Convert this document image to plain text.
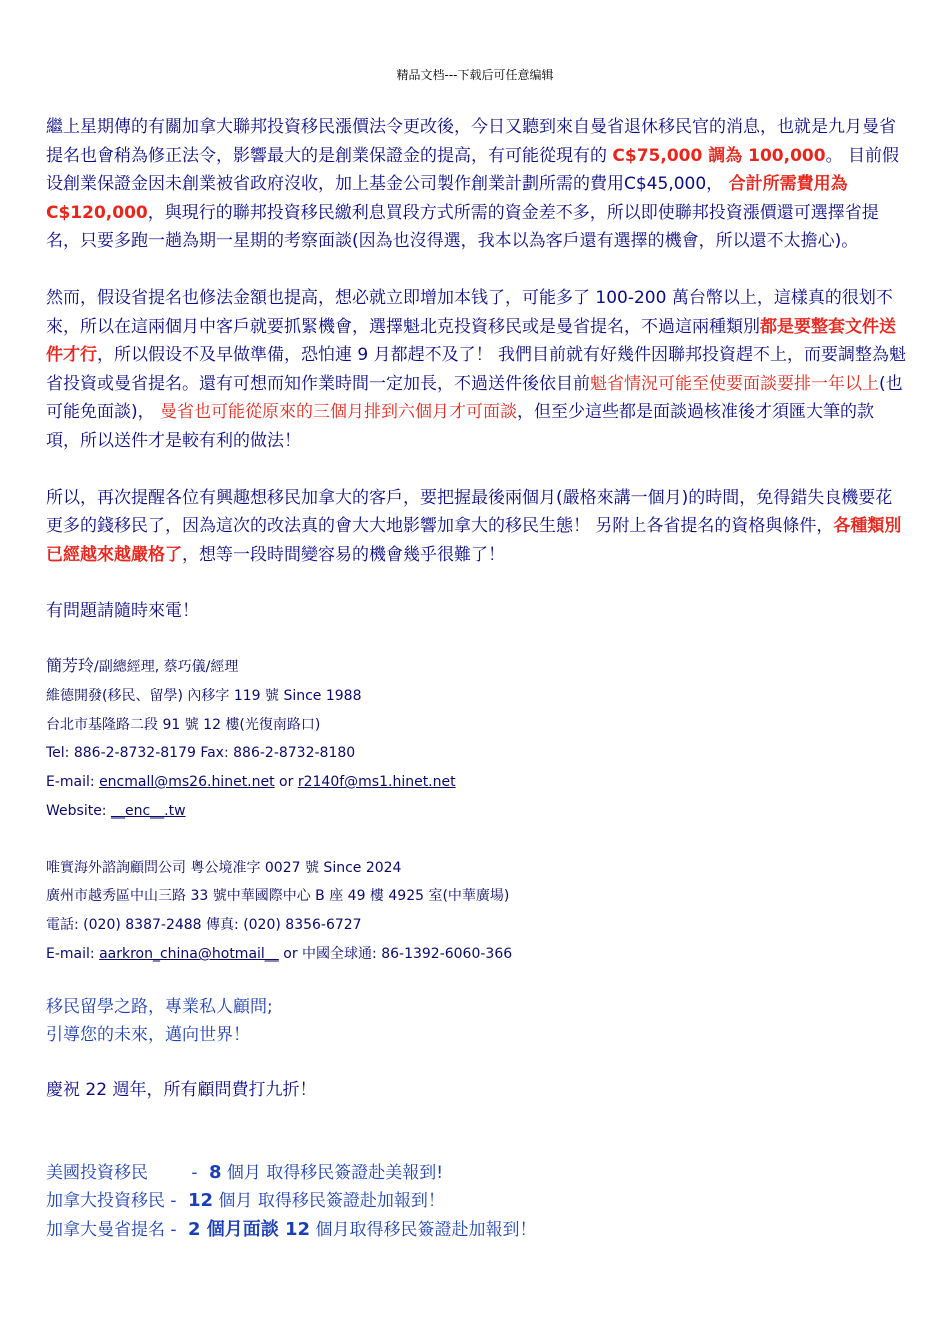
精品文档---下载后可任意编辑

繼上星期傳的有關加拿大聯邦投資移民漲價法令更改後，今日又聽到來自曼省退休移民官的消息，也就是九月曼省提名也會稍為修正法令，影響最大的是創業保證金的提高，有可能從現有的 C$75,000 調為 100,000。 目前假设創業保證金因未創業被省政府沒收，加上基金公司製作創業計劃所需的費用C$45,000， 合計所需費用為 C$120,000，與現行的聯邦投資移民繳利息買段方式所需的資金差不多，所以即使聯邦投資漲價還可選擇省提名，只要多跑一趟為期一星期的考察面談(因為也沒得選，我本以為客戶還有選擇的機會，所以還不太擔心)。

然而，假设省提名也修法金額也提高，想必就立即增加本钱了，可能多了 100-200 萬台幣以上，這樣真的很划不來，所以在這兩個月中客戶就要抓緊機會，選擇魁北克投資移民或是曼省提名，不過這兩種類別都是要整套文件送件才行，所以假设不及早做準備，恐怕連 9 月都趕不及了！ 我們目前就有好幾件因聯邦投資趕不上，而要調整為魁省投資或曼省提名。還有可想而知作業時間一定加長，不過送件後依目前魁省情況可能至使要面談要排一年以上(也可能免面談)， 曼省也可能從原來的三個月排到六個月才可面談，但至少這些都是面談過核准後才須匯大筆的款項，所以送件才是較有利的做法！

所以，再次提醒各位有興趣想移民加拿大的客戶，要把握最後兩個月(嚴格來講一個月)的時間，免得錯失良機要花更多的錢移民了，因為這次的改法真的會大大地影響加拿大的移民生態！ 另附上各省提名的資格與條件，各種類別已經越來越嚴格了，想等一段時間變容易的機會幾乎很難了！

有問題請隨時來電！

簡芳玲/副總經理, 蔡巧儀/經理
維德開發(移民、留學) 內移字 119 號 Since 1988
台北市基隆路二段 91 號 12 樓(光復南路口)
Tel: 886-2-8732-8179 Fax: 886-2-8732-8180
E-mail: encmall@ms26.hinet.net or r2140f@ms1.hinet.net
Website: __enc__.tw
唯實海外諮詢顧問公司 粵公境准字 0027 號 Since 2024
廣州市越秀區中山三路 33 號中華國際中心 B 座 49 樓 4925 室(中華廣場)
電話: (020) 8387-2488 傳真: (020) 8356-6727
E-mail: aarkron_china@hotmail__ or 中國全球通: 86-1392-6060-366
移民留學之路，專業私人顧問;
引導您的未來，邁向世界！
慶祝 22 週年，所有顧問費打九折！
美國投資移民 - 8 個月 取得移民簽證赴美報到!
加拿大投資移民 - 12 個月 取得移民簽證赴加報到！
加拿大曼省提名 - 2 個月面談 12 個月取得移民簽證赴加報到！
